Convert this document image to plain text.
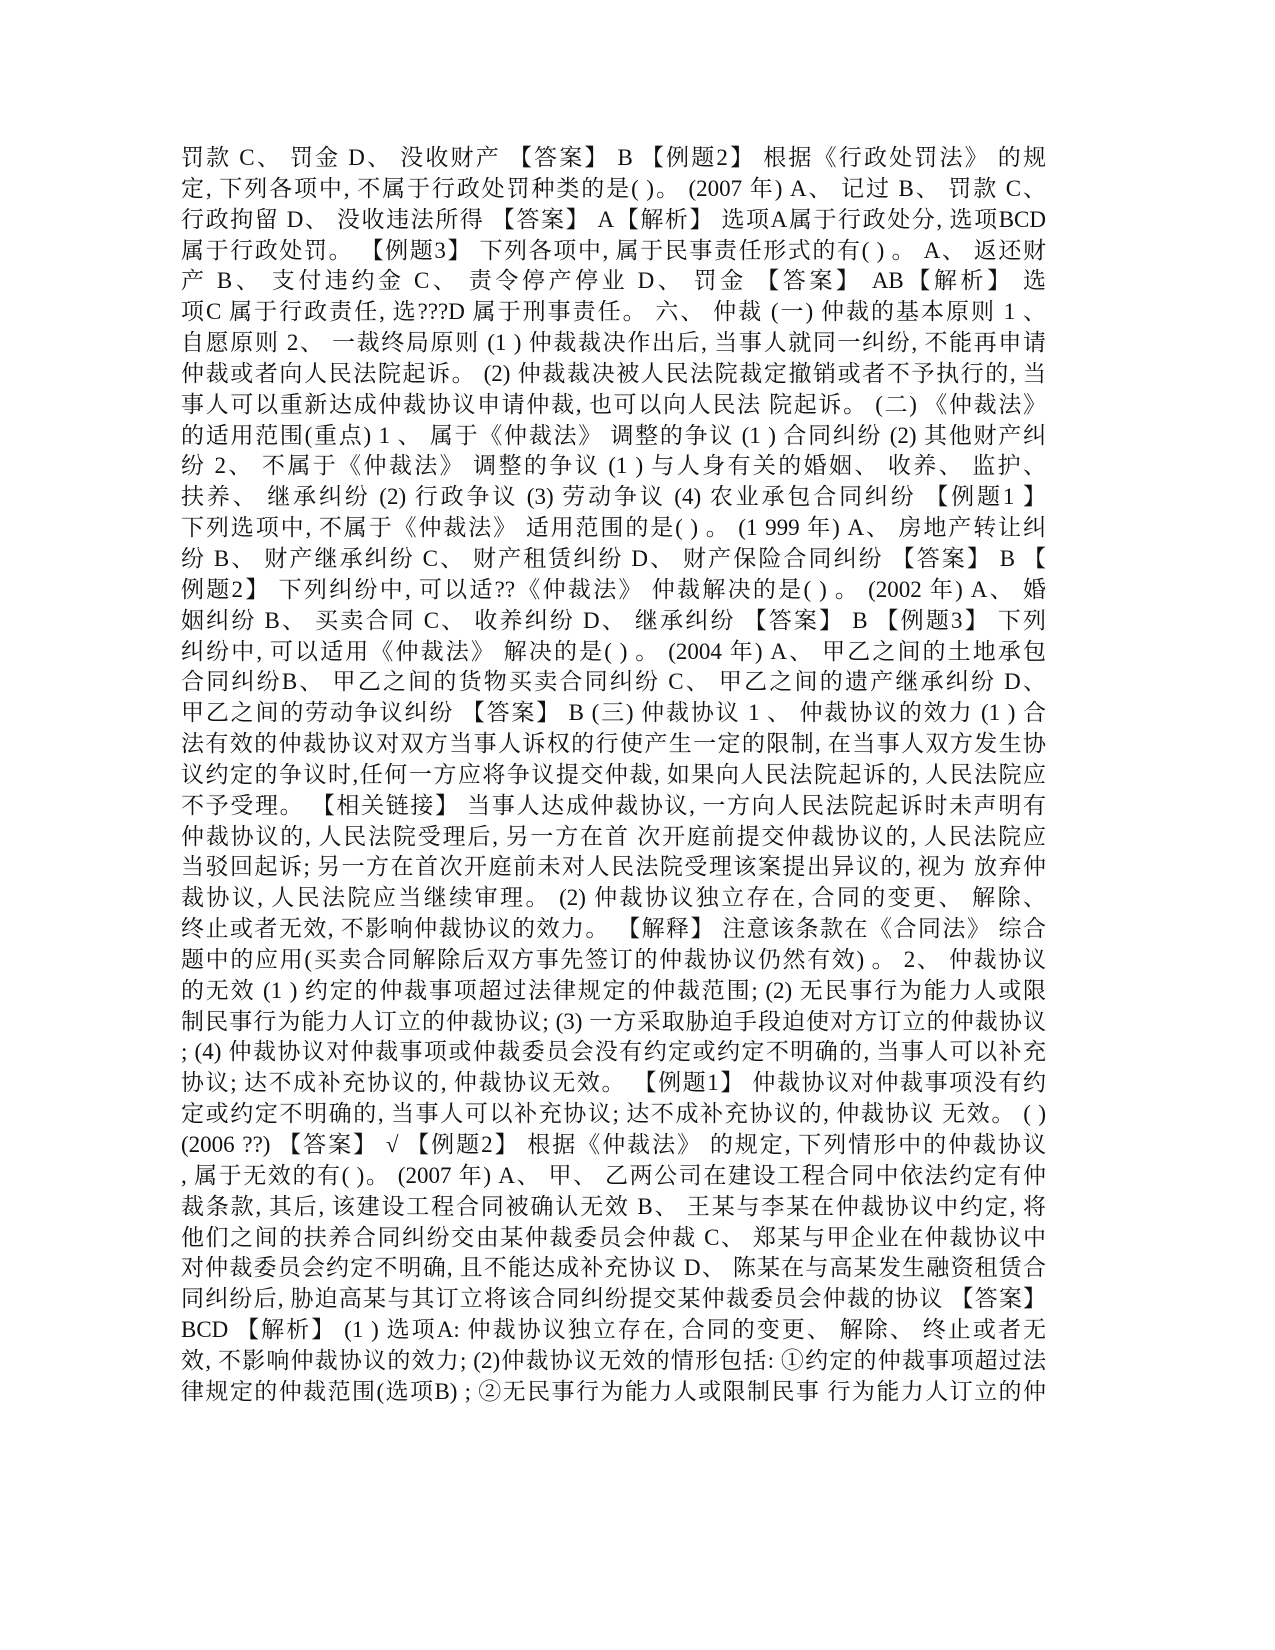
罚款 C、 罚金 D、 没收财产 【答案】 B 【例题2】 根据《行政处罚法》 的规
定, 下列各项中, 不属于行政处罚种类的是( )。 (2007 年) A、 记过 B、 罚款 C、
行政拘留 D、 没收违法所得 【答案】 A【解析】 选项A属于行政处分, 选项BCD
属于行政处罚。 【例题3】 下列各项中, 属于民事责任形式的有( ) 。 A、 返还财
产 B、 支付违约金 C、 责令停产停业 D、 罚金 【答案】 AB【解析】 选
项C 属于行政责任, 选???D 属于刑事责任。 六、 仲裁 (一) 仲裁的基本原则 1 、
自愿原则 2、 一裁终局原则 (1 ) 仲裁裁决作出后, 当事人就同一纠纷, 不能再申请
仲裁或者向人民法院起诉。 (2) 仲裁裁决被人民法院裁定撤销或者不予执行的, 当
事人可以重新达成仲裁协议申请仲裁, 也可以向人民法 院起诉。 (二) 《仲裁法》
的适用范围(重点) 1 、 属于《仲裁法》 调整的争议 (1 ) 合同纠纷 (2) 其他财产纠
纷 2、 不属于《仲裁法》 调整的争议 (1 ) 与人身有关的婚姻、 收养、 监护、
扶养、 继承纠纷 (2) 行政争议 (3) 劳动争议 (4) 农业承包合同纠纷 【例题1 】
下列选项中, 不属于《仲裁法》 适用范围的是( ) 。 (1 999 年) A、 房地产转让纠
纷 B、 财产继承纠纷 C、 财产租赁纠纷 D、 财产保险合同纠纷 【答案】 B 【
例题2】 下列纠纷中, 可以适??《仲裁法》 仲裁解决的是( ) 。 (2002 年) A、 婚
姻纠纷 B、 买卖合同 C、 收养纠纷 D、 继承纠纷 【答案】 B 【例题3】 下列
纠纷中, 可以适用《仲裁法》 解决的是( ) 。 (2004 年) A、 甲乙之间的土地承包
合同纠纷B、 甲乙之间的货物买卖合同纠纷 C、 甲乙之间的遗产继承纠纷 D、
甲乙之间的劳动争议纠纷 【答案】 B (三) 仲裁协议 1 、 仲裁协议的效力 (1 ) 合
法有效的仲裁协议对双方当事人诉权的行使产生一定的限制, 在当事人双方发生协
议约定的争议时,任何一方应将争议提交仲裁, 如果向人民法院起诉的, 人民法院应
不予受理。 【相关链接】 当事人达成仲裁协议, 一方向人民法院起诉时未声明有
仲裁协议的, 人民法院受理后, 另一方在首 次开庭前提交仲裁协议的, 人民法院应
当驳回起诉; 另一方在首次开庭前未对人民法院受理该案提出异议的, 视为 放弃仲
裁协议, 人民法院应当继续审理。 (2) 仲裁协议独立存在, 合同的变更、 解除、
终止或者无效, 不影响仲裁协议的效力。 【解释】 注意该条款在《合同法》 综合
题中的应用(买卖合同解除后双方事先签订的仲裁协议仍然有效) 。 2、 仲裁协议
的无效 (1 ) 约定的仲裁事项超过法律规定的仲裁范围; (2) 无民事行为能力人或限
制民事行为能力人订立的仲裁协议; (3) 一方采取胁迫手段迫使对方订立的仲裁协议
; (4) 仲裁协议对仲裁事项或仲裁委员会没有约定或约定不明确的, 当事人可以补充
协议; 达不成补充协议的, 仲裁协议无效。 【例题1】 仲裁协议对仲裁事项没有约
定或约定不明确的, 当事人可以补充协议; 达不成补充协议的, 仲裁协议 无效。 ( )
(2006 ??) 【答案】 √ 【例题2】 根据《仲裁法》 的规定, 下列情形中的仲裁协议
, 属于无效的有( )。 (2007 年) A、 甲、 乙两公司在建设工程合同中依法约定有仲
裁条款, 其后, 该建设工程合同被确认无效 B、 王某与李某在仲裁协议中约定, 将
他们之间的扶养合同纠纷交由某仲裁委员会仲裁 C、 郑某与甲企业在仲裁协议中
对仲裁委员会约定不明确, 且不能达成补充协议 D、 陈某在与高某发生融资租赁合
同纠纷后, 胁迫高某与其订立将该合同纠纷提交某仲裁委员会仲裁的协议 【答案】
BCD 【解析】 (1 ) 选项A: 仲裁协议独立存在, 合同的变更、 解除、 终止或者无
效, 不影响仲裁协议的效力; (2)仲裁协议无效的情形包括: ①约定的仲裁事项超过法
律规定的仲裁范围(选项B) ; ②无民事行为能力人或限制民事 行为能力人订立的仲
